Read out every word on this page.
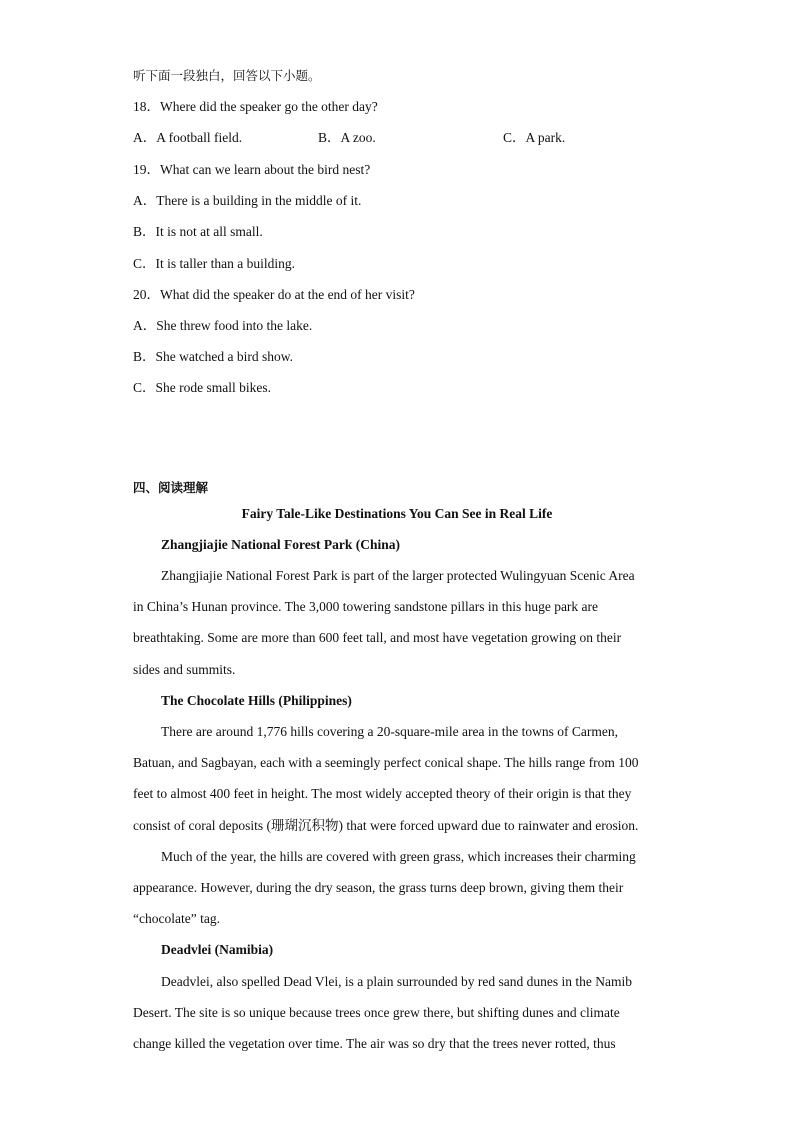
听下面一段独白，回答以下小题。
18．Where did the speaker go the other day?
A．A football field.	B．A zoo.	C．A park.
19．What can we learn about the bird nest?
A．There is a building in the middle of it.
B．It is not at all small.
C．It is taller than a building.
20．What did the speaker do at the end of her visit?
A．She threw food into the lake.
B．She watched a bird show.
C．She rode small bikes.
四、阅读理解
Fairy Tale-Like Destinations You Can See in Real Life
Zhangjiajie National Forest Park (China)
Zhangjiajie National Forest Park is part of the larger protected Wulingyuan Scenic Area
in China’s Hunan province. The 3,000 towering sandstone pillars in this huge park are
breathtaking. Some are more than 600 feet tall, and most have vegetation growing on their
sides and summits.
The Chocolate Hills (Philippines)
There are around 1,776 hills covering a 20-square-mile area in the towns of Carmen,
Batuan, and Sagbayan, each with a seemingly perfect conical shape. The hills range from 100
feet to almost 400 feet in height. The most widely accepted theory of their origin is that they
consist of coral deposits (珊瑚沉积物) that were forced upward due to rainwater and erosion.
Much of the year, the hills are covered with green grass, which increases their charming
appearance. However, during the dry season, the grass turns deep brown, giving them their
“chocolate” tag.
Deadvlei (Namibia)
Deadvlei, also spelled Dead Vlei, is a plain surrounded by red sand dunes in the Namib
Desert. The site is so unique because trees once grew there, but shifting dunes and climate
change killed the vegetation over time. The air was so dry that the trees never rotted, thus
